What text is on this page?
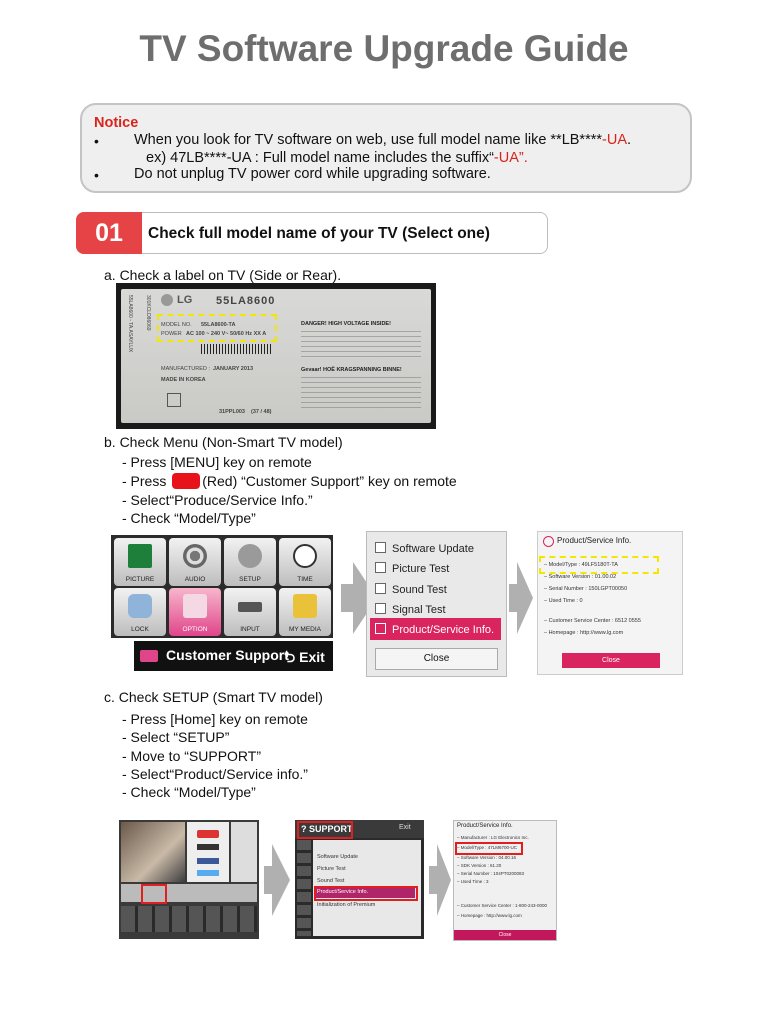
TV Software Upgrade Guide
Notice
• When you look for TV software on web, use full model name like **LB****-UA.
ex) 47LB****-UA : Full model name includes the suffix“-UA”.
• Do not unplug TV power cord while upgrading software.
01	Check full model name of your TV (Select one)
a. Check a label on TV (Side or Rear).
55LA8600 - TA.ASAYLUX 301KCLD86069 LG 55LA8600
MODEL NO. 55LA8600-TA
POWER AC 100 ~ 240 V~ 50/60 Hz XX A
MANUFACTURED : JANUARY 2013
MADE IN KOREA
31PPL003 (37 / 48)
DANGER! HIGH VOLTAGE INSIDE!
Gevaar! HOË KRAGSPANNING BINNE!
b. Check Menu (Non-Smart TV model)
- Press [MENU] key on remote
- Press	(Red) “Customer Support” key on remote
- Select“Produce/Service Info.”
- Check “Model/Type”
PICTURE	AUDIO	SETUP	TIME
LOCK	OPTION	INPUT	MY MEDIA
Customer Support
⮌ Exit
Software Update
Picture Test
Sound Test
Signal Test
Product/Service Info.
Close
Product/Service Info.
– Model/Type : 49LF5180T-TA
– Software Version : 01.00.02
– Serial Number : 150LGPT00050
– Used Time : 0
– Customer Service Center : 6512 0555
– Homepage : http://www.lg.com
Close
c. Check SETUP (Smart TV model)
- Press [Home] key on remote
- Select “SETUP”
- Move to “SUPPORT”
- Select“Product/Service info.”
- Check “Model/Type”
? SUPPORT	Exit
Software Update
Picture Test
Sound Test
Product/Service Info.
Initialization of Premium
Product/Service Info.
– Manufacturer : LG Electronics Inc.
– Model/Type : 47LM6700-UC
– Software Version : 04.00.16
– SDK Version : 61.20
– Serial Number : 104PT0200083
– Used Time : 3
– Customer Service Center : 1-800-243-0000
– Homepage : http://www.lg.com
Close
